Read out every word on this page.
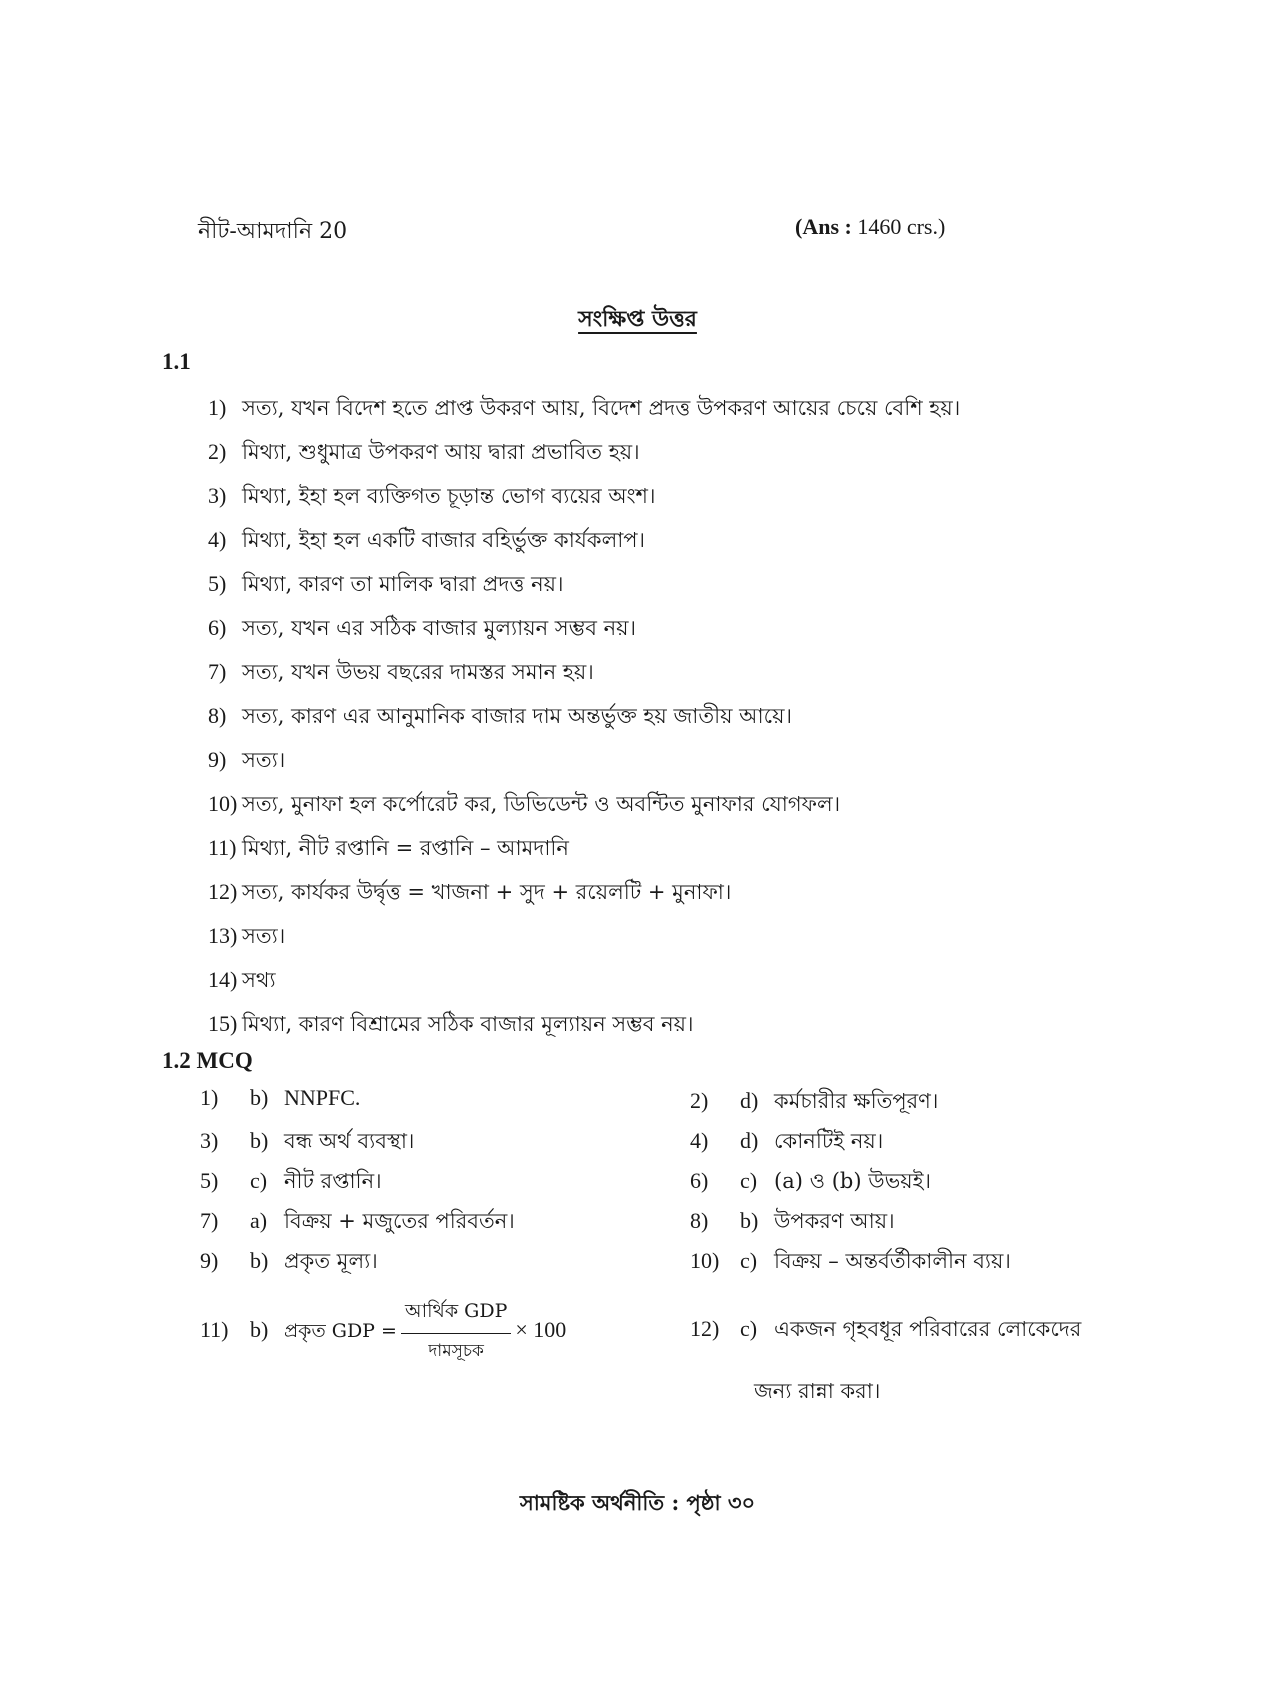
নীট-আমদানি 20	(Ans : 1460 crs.)
সংক্ষিপ্ত উত্তর
1.1
1) সত্য, যখন বিদেশ হতে প্রাপ্ত উকরণ আয়, বিদেশ প্রদত্ত উপকরণ আয়ের চেয়ে বেশি হয়।
2) মিথ্যা, শুধুমাত্র উপকরণ আয় দ্বারা প্রভাবিত হয়।
3) মিথ্যা, ইহা হল ব্যক্তিগত চূড়ান্ত ভোগ ব্যয়ের অংশ।
4) মিথ্যা, ইহা হল একটি বাজার বহির্ভুক্ত কার্যকলাপ।
5) মিথ্যা, কারণ তা মালিক দ্বারা প্রদত্ত নয়।
6) সত্য, যখন এর সঠিক বাজার মুল্যায়ন সম্ভব নয়।
7) সত্য, যখন উভয় বছরের দামস্তর সমান হয়।
8) সত্য, কারণ এর আনুমানিক বাজার দাম অন্তর্ভুক্ত হয় জাতীয় আয়ে।
9) সত্য।
10) সত্য, মুনাফা হল কর্পোরেট কর, ডিভিডেন্ট ও অবন্টিত মুনাফার যোগফল।
11) মিথ্যা, নীট রপ্তানি = রপ্তানি – আমদানি
12) সত্য, কার্যকর উর্দ্বৃত্ত = খাজনা + সুদ + রয়েলটি + মুনাফা।
13) সত্য।
14) সথ্য
15) মিথ্যা, কারণ বিশ্রামের সঠিক বাজার মূল্যায়ন সম্ভব নয়।
1.2 MCQ
1) b) NNPFC.	2) d) কর্মচারীর ক্ষতিপূরণ।
3) b) বন্ধ অর্থ ব্যবস্থা।	4) d) কোনটিই নয়।
5) c) নীট রপ্তানি।	6) c) (a) ও (b) উভয়ই।
7) a) বিক্রয় + মজুতের পরিবর্তন।	8) b) উপকরণ আয়।
9) b) প্রকৃত মূল্য।	10) c) বিক্রয় – অন্তর্বর্তীকালীন ব্যয়।
11) b) প্রকৃত GDP = $\frac{\text{আর্থিক GDP}}{\text{দামসূচক}} \times 100$	12) c) একজন গৃহবধূর পরিবারের লোকেদের
জন্য রান্না করা।
সামষ্টিক অর্থনীতি : পৃষ্ঠা ৩০
